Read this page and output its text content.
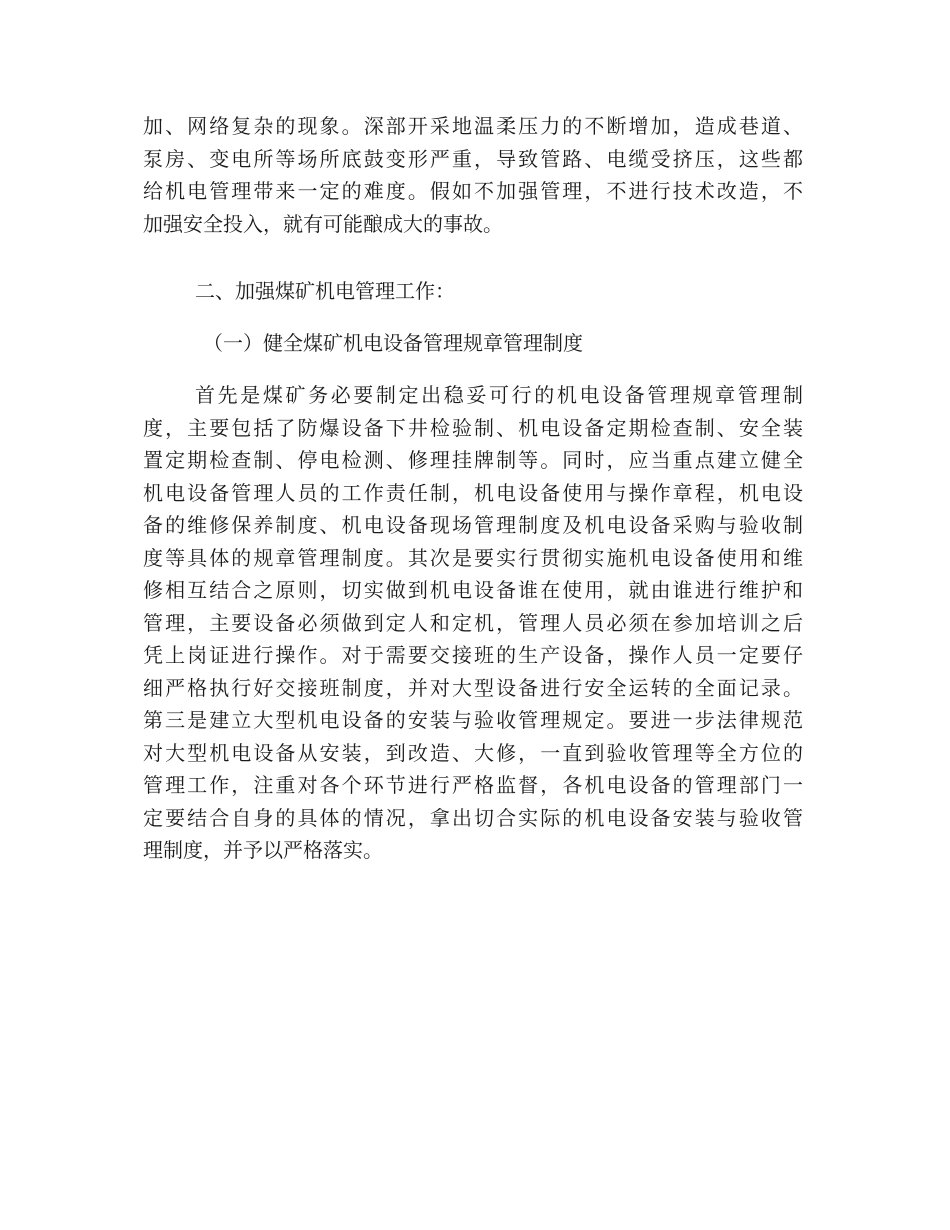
加、网络复杂的现象。深部开采地温柔压力的不断增加，造成巷道、
泵房、变电所等场所底鼓变形严重，导致管路、电缆受挤压，这些都
给机电管理带来一定的难度。假如不加强管理，不进行技术改造，不
加强安全投入，就有可能酿成大的事故。
二、加强煤矿机电管理工作：
（一）健全煤矿机电设备管理规章管理制度
首先是煤矿务必要制定出稳妥可行的机电设备管理规章管理制
度，主要包括了防爆设备下井检验制、机电设备定期检查制、安全装
置定期检查制、停电检测、修理挂牌制等。同时，应当重点建立健全
机电设备管理人员的工作责任制，机电设备使用与操作章程，机电设
备的维修保养制度、机电设备现场管理制度及机电设备采购与验收制
度等具体的规章管理制度。其次是要实行贯彻实施机电设备使用和维
修相互结合之原则，切实做到机电设备谁在使用，就由谁进行维护和
管理，主要设备必须做到定人和定机，管理人员必须在参加培训之后
凭上岗证进行操作。对于需要交接班的生产设备，操作人员一定要仔
细严格执行好交接班制度，并对大型设备进行安全运转的全面记录。
第三是建立大型机电设备的安装与验收管理规定。要进一步法律规范
对大型机电设备从安装，到改造、大修，一直到验收管理等全方位的
管理工作，注重对各个环节进行严格监督，各机电设备的管理部门一
定要结合自身的具体的情况，拿出切合实际的机电设备安装与验收管
理制度，并予以严格落实。
